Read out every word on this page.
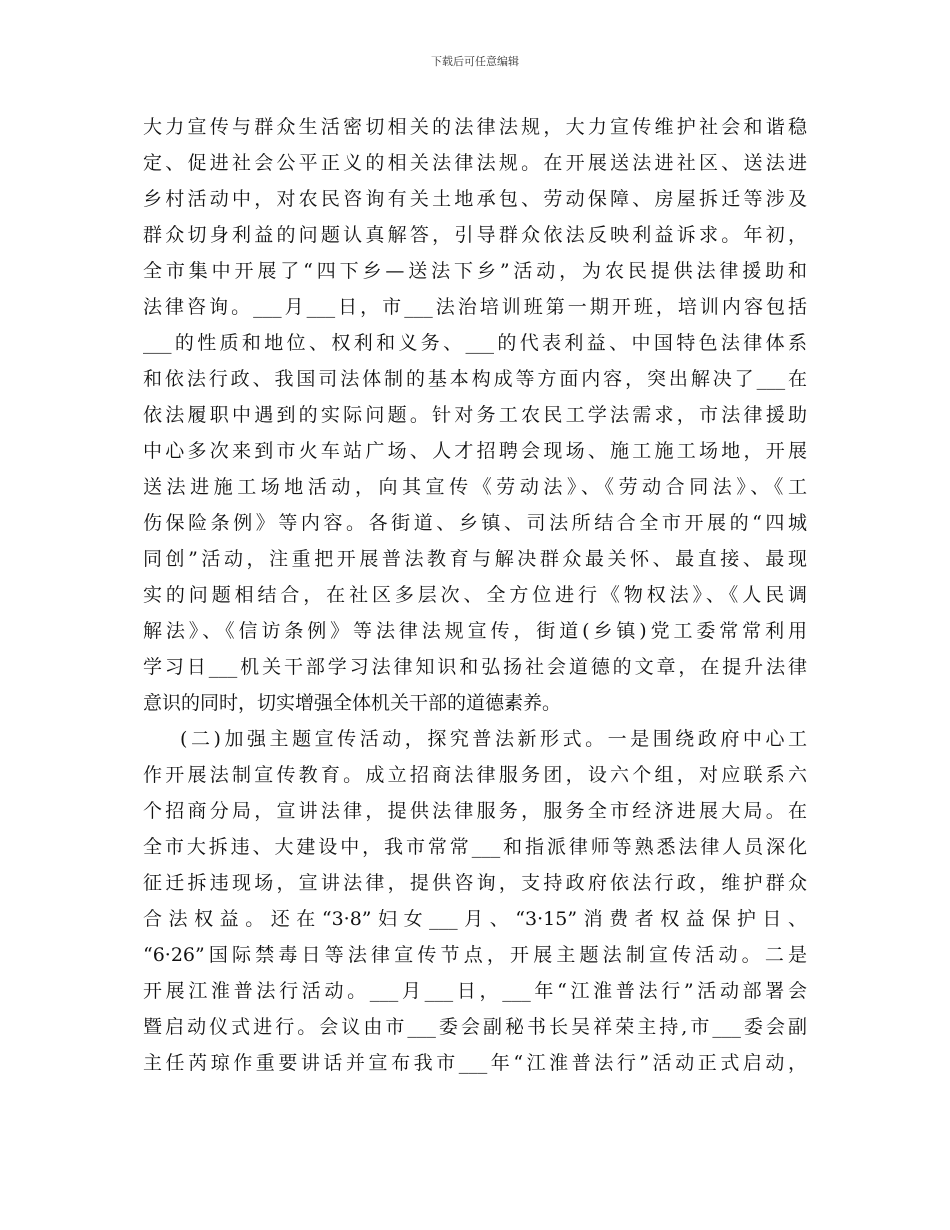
下载后可任意编辑
大力宣传与群众生活密切相关的法律法规，大力宣传维护社会和谐稳
定、促进社会公平正义的相关法律法规。在开展送法进社区、送法进
乡村活动中，对农民咨询有关土地承包、劳动保障、房屋拆迁等涉及
群众切身利益的问题认真解答，引导群众依法反映利益诉求。年初，
全市集中开展了“四下乡—送法下乡”活动，为农民提供法律援助和
法律咨询。___月___日，市___法治培训班第一期开班，培训内容包括
___的性质和地位、权利和义务、___的代表利益、中国特色法律体系
和依法行政、我国司法体制的基本构成等方面内容，突出解决了___在
依法履职中遇到的实际问题。针对务工农民工学法需求，市法律援助
中心多次来到市火车站广场、人才招聘会现场、施工施工场地，开展
送法进施工场地活动，向其宣传《劳动法》、《劳动合同法》、《工
伤保险条例》等内容。各街道、乡镇、司法所结合全市开展的“四城
同创”活动，注重把开展普法教育与解决群众最关怀、最直接、最现
实的问题相结合，在社区多层次、全方位进行《物权法》、《人民调
解法》、《信访条例》等法律法规宣传，街道(乡镇)党工委常常利用
学习日___机关干部学习法律知识和弘扬社会道德的文章，在提升法律
意识的同时，切实增强全体机关干部的道德素养。
(二)加强主题宣传活动，探究普法新形式。一是围绕政府中心工
作开展法制宣传教育。成立招商法律服务团，设六个组，对应联系六
个招商分局，宣讲法律，提供法律服务，服务全市经济进展大局。在
全市大拆违、大建设中，我市常常___和指派律师等熟悉法律人员深化
征迁拆违现场，宣讲法律，提供咨询，支持政府依法行政，维护群众
合法权益。还在“3·8”妇女___月、“3·15”消费者权益保护日、
“6·26”国际禁毒日等法律宣传节点，开展主题法制宣传活动。二是
开展江淮普法行活动。___月___日，___年“江淮普法行”活动部署会
暨启动仪式进行。会议由市___委会副秘书长吴祥荣主持,市___委会副
主任芮琼作重要讲话并宣布我市___年“江淮普法行”活动正式启动，
